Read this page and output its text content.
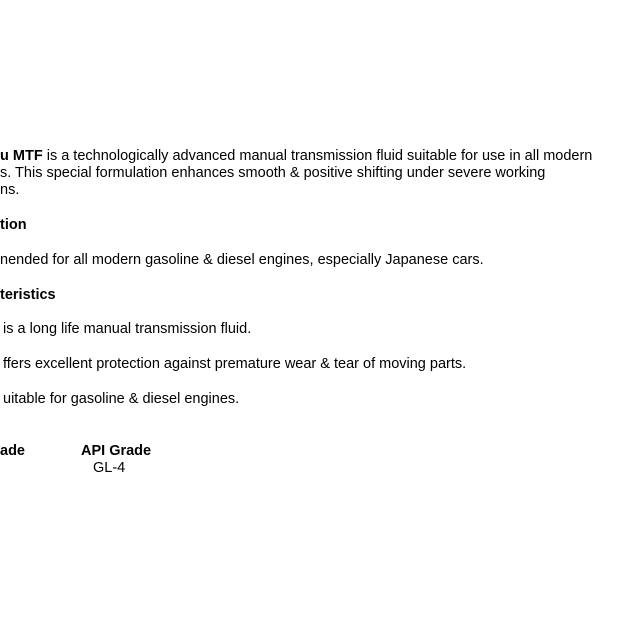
u MTF is a technologically advanced manual transmission fluid suitable for use in all modern
s. This special formulation enhances smooth & positive shifting under severe working
ns.
tion
nended for all modern gasoline & diesel engines, especially Japanese cars.
teristics
is a long life manual transmission fluid.
ffers excellent protection against premature wear & tear of moving parts.
uitable for gasoline & diesel engines.
ade	API Grade
GL-4
